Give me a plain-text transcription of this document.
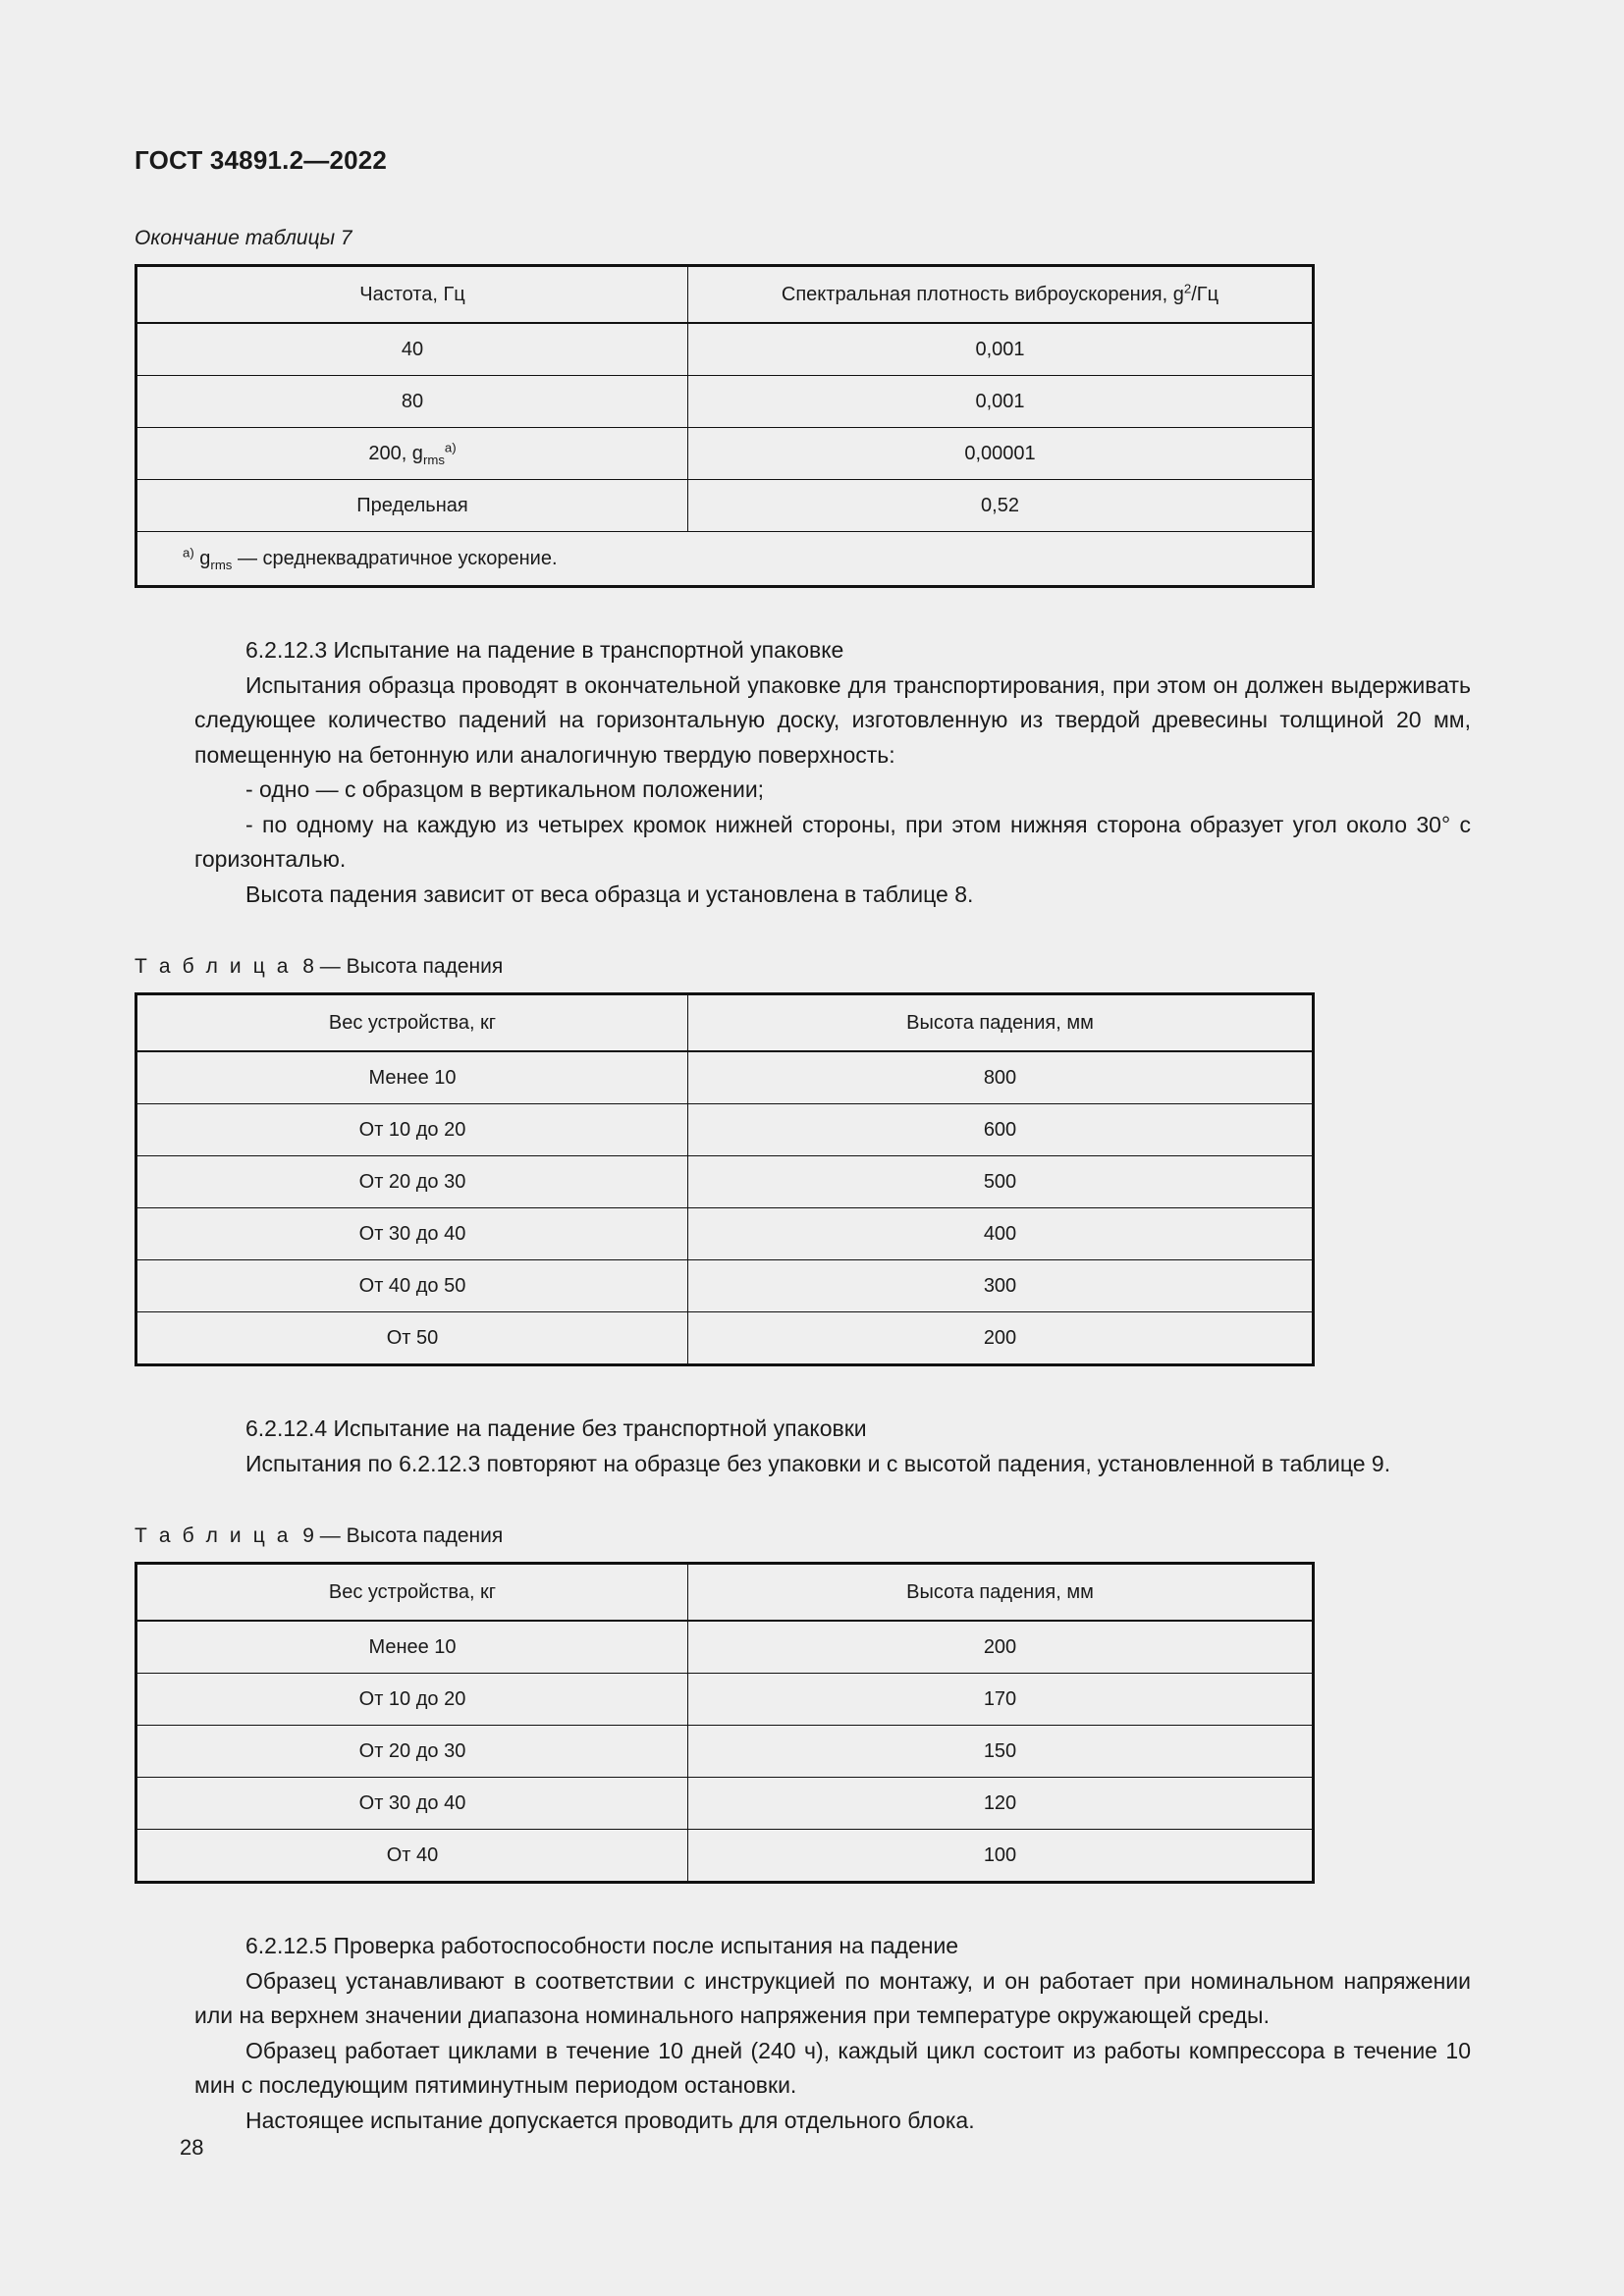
ГОСТ 34891.2—2022
Окончание таблицы 7
Частота, Гц	Спектральная плотность виброускорения, g$^2$/Гц
40	0,001
80	0,001
200, $g_{rms}^{a)}$	0,00001
Предельная	0,52
$^{a)}$ $g_{rms}$ — среднеквадратичное ускорение.	

6.2.12.3 Испытание на падение в транспортной упаковке

Испытания образца проводят в окончательной упаковке для транспортирования, при этом он должен выдерживать следующее количество падений на горизонтальную доску, изготовленную из твердой древесины толщиной 20 мм, помещенную на бетонную или аналогичную твердую поверхность:

- одно — с образцом в вертикальном положении;

- по одному на каждую из четырех кромок нижней стороны, при этом нижняя сторона образует угол около 30° с горизонталью.

Высота падения зависит от веса образца и установлена в таблице 8.

Т а б л и ц а 8 — Высота падения
Вес устройства, кг	Высота падения, мм
Менее 10	800
От 10 до 20	600
От 20 до 30	500
От 30 до 40	400
От 40 до 50	300
От 50	200

6.2.12.4 Испытание на падение без транспортной упаковки

Испытания по 6.2.12.3 повторяют на образце без упаковки и с высотой падения, установленной в таблице 9.

Т а б л и ц а 9 — Высота падения
Вес устройства, кг	Высота падения, мм
Менее 10	200
От 10 до 20	170
От 20 до 30	150
От 30 до 40	120
От 40	100

6.2.12.5 Проверка работоспособности после испытания на падение

Образец устанавливают в соответствии с инструкцией по монтажу, и он работает при номинальном напряжении или на верхнем значении диапазона номинального напряжения при температуре окружающей среды.

Образец работает циклами в течение 10 дней (240 ч), каждый цикл состоит из работы компрессора в течение 10 мин с последующим пятиминутным периодом остановки.

Настоящее испытание допускается проводить для отдельного блока.

28
